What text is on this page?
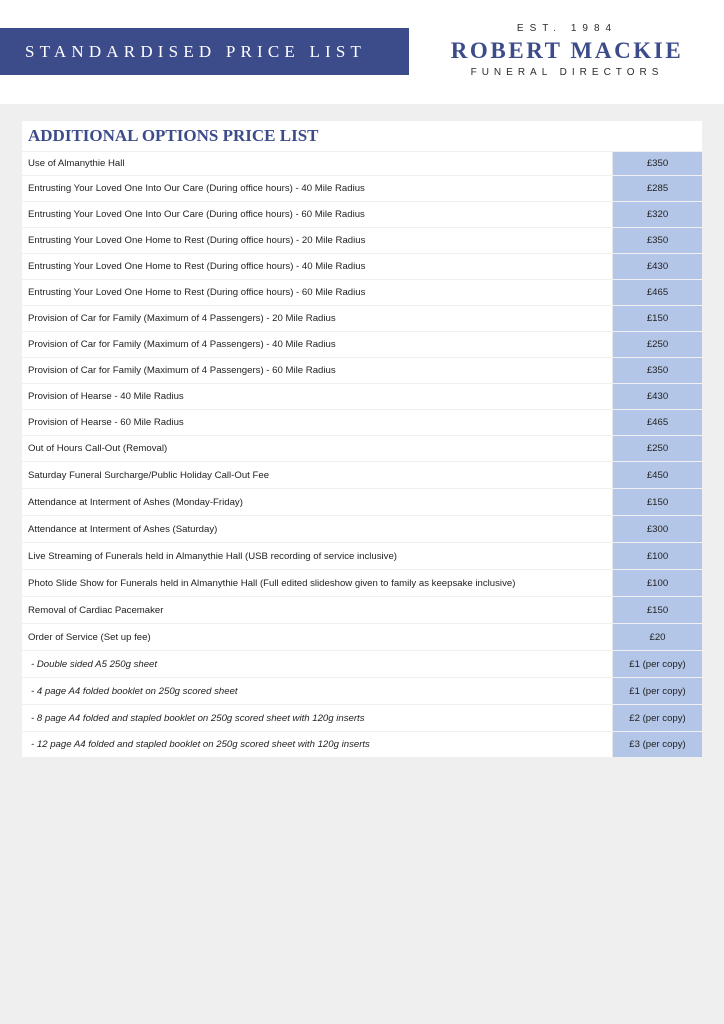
STANDARDISED PRICE LIST
EST. 1984
ROBERT MACKIE
FUNERAL DIRECTORS
ADDITIONAL OPTIONS PRICE LIST
Use of Almanythie Hall	£350
Entrusting Your Loved One Into Our Care (During office hours) - 40 Mile Radius	£285
Entrusting Your Loved One Into Our Care (During office hours) - 60 Mile Radius	£320
Entrusting Your Loved One Home to Rest (During office hours) - 20 Mile Radius	£350
Entrusting Your Loved One Home to Rest (During office hours) - 40 Mile Radius	£430
Entrusting Your Loved One Home to Rest (During office hours) - 60 Mile Radius	£465
Provision of Car for Family (Maximum of 4 Passengers) - 20 Mile Radius	£150
Provision of Car for Family (Maximum of 4 Passengers) - 40 Mile Radius	£250
Provision of Car for Family (Maximum of 4 Passengers) - 60 Mile Radius	£350
Provision of Hearse - 40 Mile Radius	£430
Provision of Hearse - 60 Mile Radius	£465
Out of Hours Call-Out (Removal)	£250
Saturday Funeral Surcharge/Public Holiday Call-Out Fee	£450
Attendance at Interment of Ashes (Monday-Friday)	£150
Attendance at Interment of Ashes (Saturday)	£300
Live Streaming of Funerals held in Almanythie Hall (USB recording of service inclusive)	£100
Photo Slide Show for Funerals held in Almanythie Hall (Full edited slideshow given to family as keepsake inclusive)	£100
Removal of Cardiac Pacemaker	£150
Order of Service (Set up fee)	£20
- Double sided A5 250g sheet	£1 (per copy)
- 4 page A4 folded booklet on 250g scored sheet	£1 (per copy)
- 8 page A4 folded and stapled booklet on 250g scored sheet with 120g inserts	£2 (per copy)
- 12 page A4 folded and stapled booklet on 250g scored sheet with 120g inserts	£3 (per copy)
